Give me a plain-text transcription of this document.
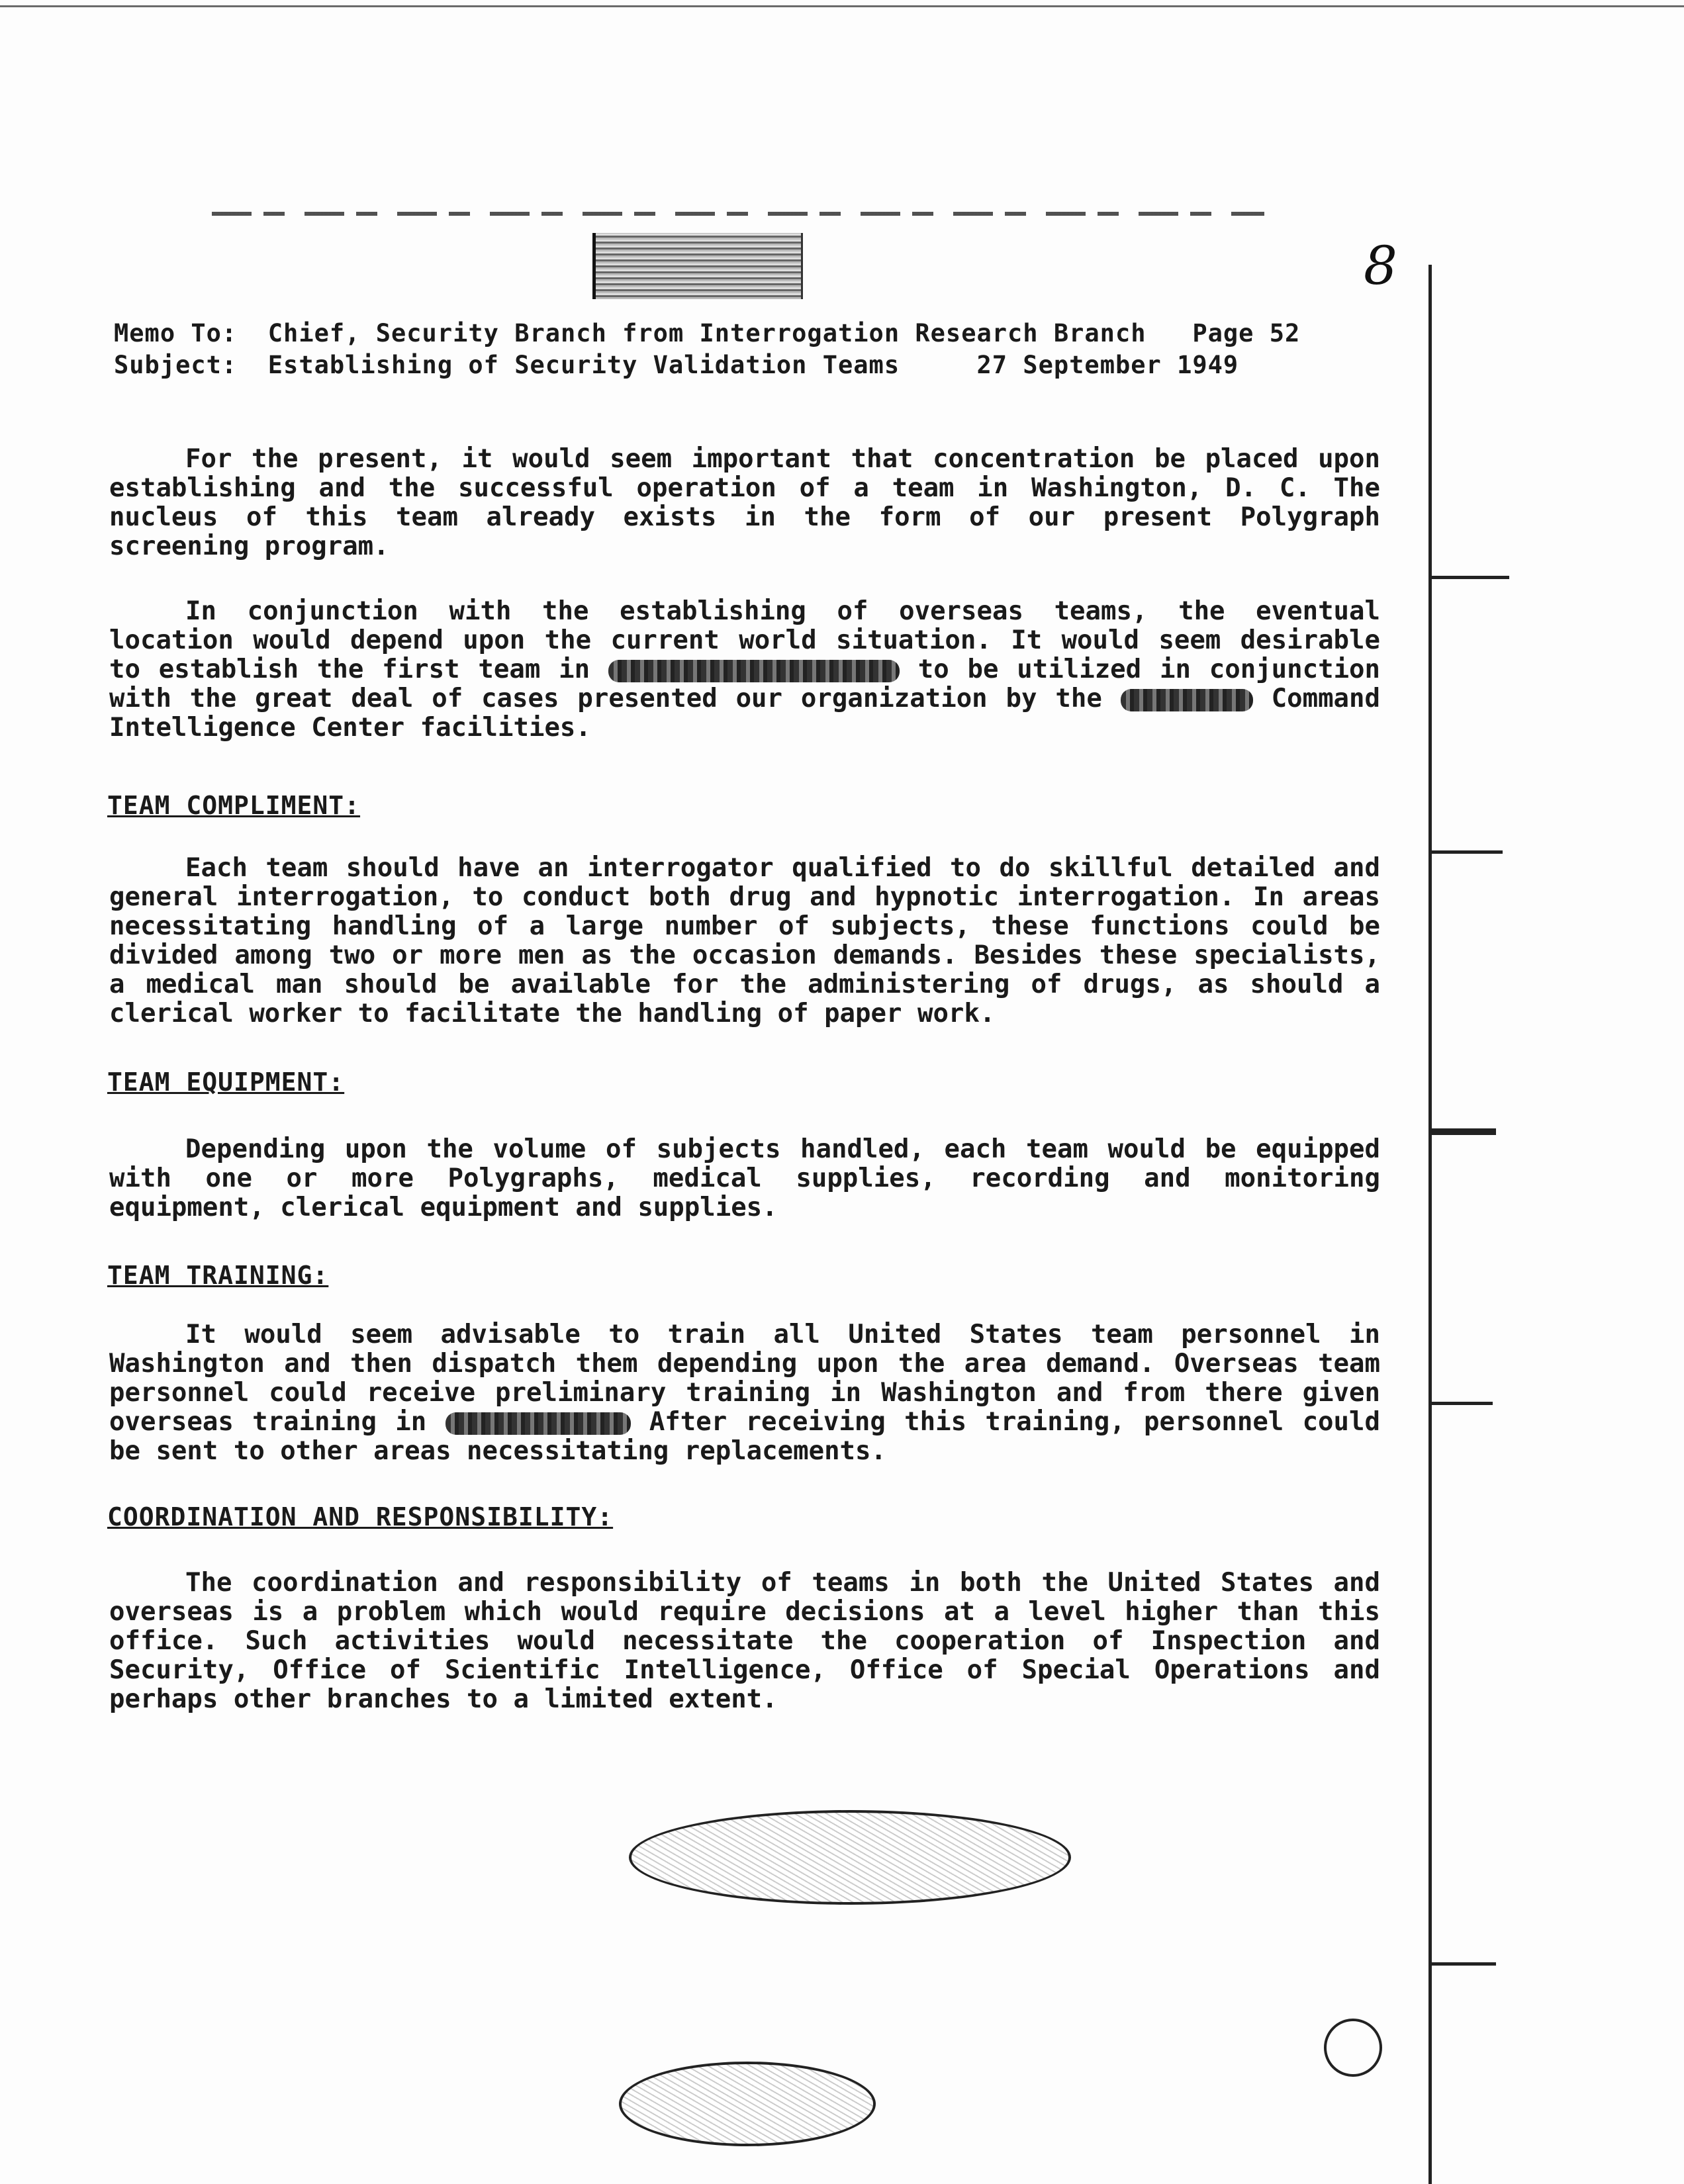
8
Memo To: Chief, Security Branch from Interrogation Research Branch Page 52
Subject: Establishing of Security Validation Teams	27 September 1949
For the present, it would seem important that concentration be placed upon establishing and the successful operation of a team in Washington, D. C. The nucleus of this team already exists in the form of our present Polygraph screening program.
In conjunction with the establishing of overseas teams, the eventual location would depend upon the current world situation. It would seem desirable to establish the first team in	to be utilized in conjunction with the great deal of cases presented our organization by the	Command Intelligence Center facilities.
TEAM COMPLIMENT:
Each team should have an interrogator qualified to do skillful detailed and general interrogation, to conduct both drug and hypnotic interrogation. In areas necessitating handling of a large number of subjects, these functions could be divided among two or more men as the occasion demands. Besides these specialists, a medical man should be available for the administering of drugs, as should a clerical worker to facilitate the handling of paper work.
TEAM EQUIPMENT:
Depending upon the volume of subjects handled, each team would be equipped with one or more Polygraphs, medical supplies, recording and monitoring equipment, clerical equipment and supplies.
TEAM TRAINING:
It would seem advisable to train all United States team personnel in Washington and then dispatch them depending upon the area demand. Overseas team personnel could receive preliminary training in Washington and from there given overseas training in	After receiving this training, personnel could be sent to other areas necessitating replacements.
COORDINATION AND RESPONSIBILITY:
The coordination and responsibility of teams in both the United States and overseas is a problem which would require decisions at a level higher than this office. Such activities would necessitate the cooperation of Inspection and Security, Office of Scientific Intelligence, Office of Special Operations and perhaps other branches to a limited extent.
